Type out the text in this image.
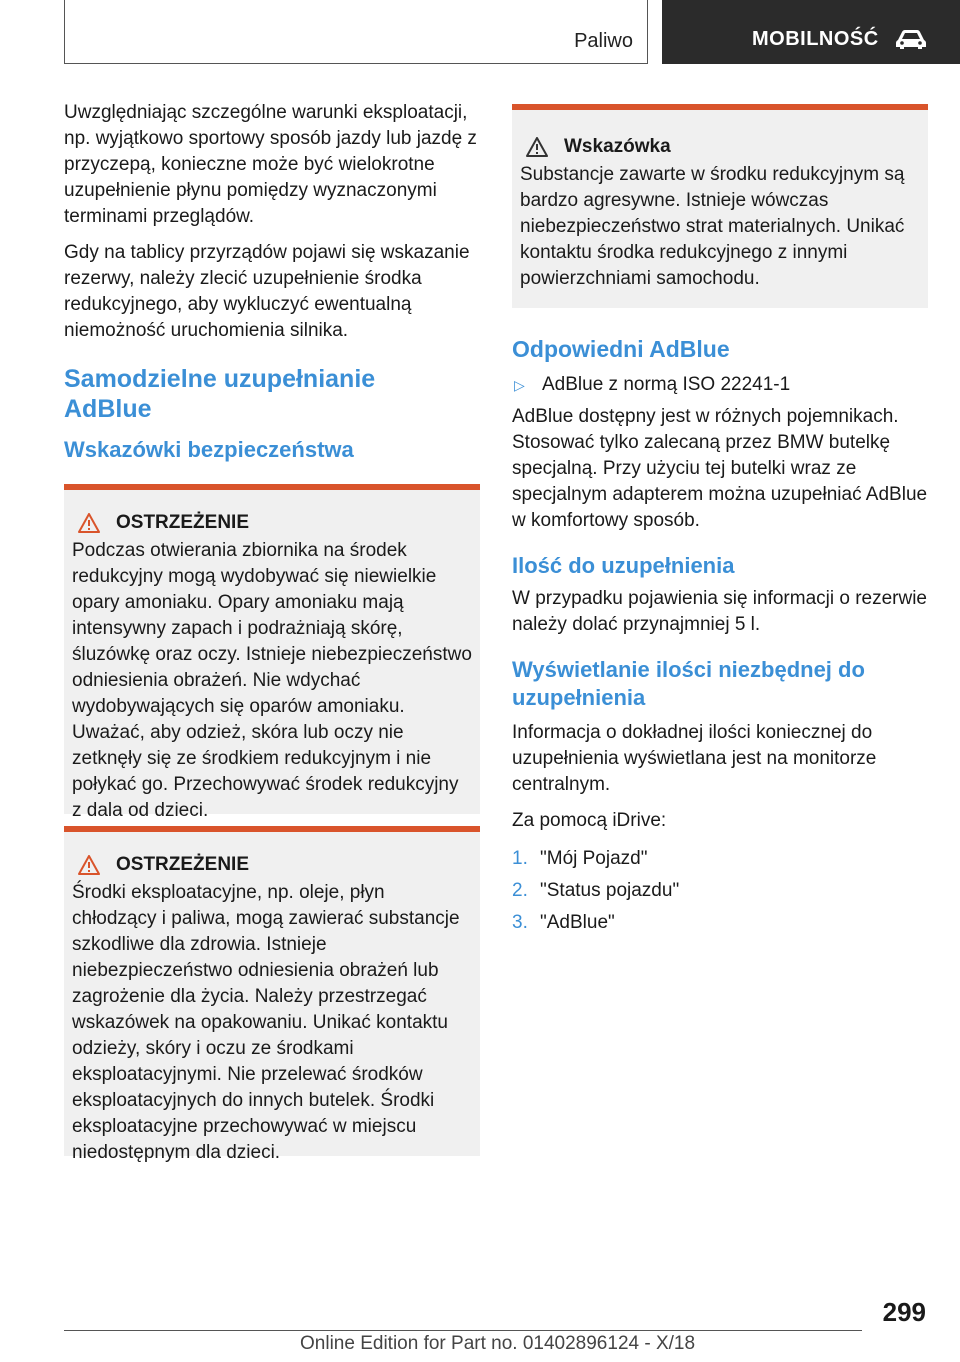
Paliwo	MOBILNOŚĆ

Uwzględniając szczególne warunki eksploatacji, np. wyjątkowo sportowy sposób jazdy lub jazdę z przyczepą, konieczne może być wielokrotne uzupełnienie płynu pomiędzy wyznaczonymi terminami przeglądów.

Gdy na tablicy przyrządów pojawi się wskazanie rezerwy, należy zlecić uzupełnienie środka redukcyjnego, aby wykluczyć ewentualną niemożność uruchomienia silnika.

Samodzielne uzupełnianie
AdBlue
Wskazówki bezpieczeństwa
OSTRZEŻENIE

Podczas otwierania zbiornika na środek redukcyjny mogą wydobywać się niewielkie opary amoniaku. Opary amoniaku mają intensywny zapach i podrażniają skórę, śluzówkę oraz oczy. Istnieje niebezpieczeństwo odniesienia obrażeń. Nie wdychać wydobywających się oparów amoniaku. Uważać, aby odzież, skóra lub oczy nie zetknęły się ze środkiem redukcyjnym i nie połykać go. Przechowywać środek redukcyjny z dala od dzieci.

OSTRZEŻENIE

Środki eksploatacyjne, np. oleje, płyn chłodzący i paliwa, mogą zawierać substancje szkodliwe dla zdrowia. Istnieje niebezpieczeństwo odniesienia obrażeń lub zagrożenie dla życia. Należy przestrzegać wskazówek na opakowaniu. Unikać kontaktu odzieży, skóry i oczu ze środkami eksploatacyjnymi. Nie przelewać środków eksploatacyjnych do innych butelek. Środki eksploatacyjne przechowywać w miejscu niedostępnym dla dzieci.

Wskazówka

Substancje zawarte w środku redukcyjnym są bardzo agresywne. Istnieje wówczas niebezpieczeństwo strat materialnych. Unikać kontaktu środka redukcyjnego z innymi powierzchniami samochodu.

Odpowiedni AdBlue
▷ AdBlue z normą ISO 22241-1

AdBlue dostępny jest w różnych pojemnikach. Stosować tylko zalecaną przez BMW butelkę specjalną. Przy użyciu tej butelki wraz ze specjalnym adapterem można uzupełniać AdBlue w komfortowy sposób.

Ilość do uzupełnienia

W przypadku pojawienia się informacji o rezerwie należy dolać przynajmniej 5 l.

Wyświetlanie ilości niezbędnej do uzupełnienia

Informacja o dokładnej ilości koniecznej do uzupełnienia wyświetlana jest na monitorze centralnym.

Za pomocą iDrive:

1. "Mój Pojazd"
2. "Status pojazdu"
3. "AdBlue"
299
Online Edition for Part no. 01402896124 - X/18
